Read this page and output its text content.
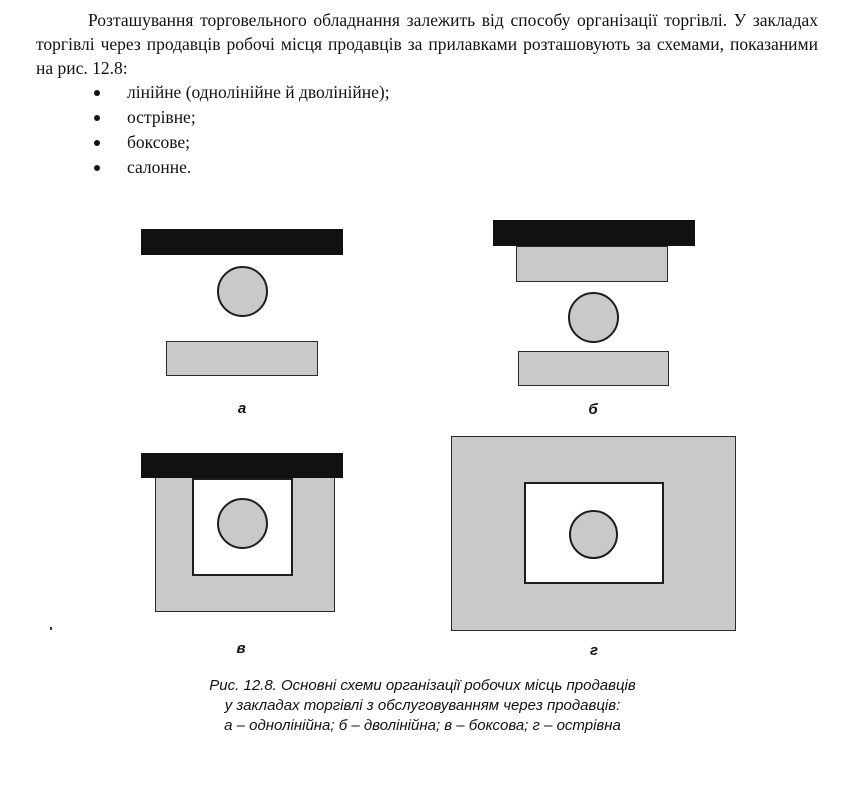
Розташування торговельного обладнання залежить від способу організації торгівлі. У закладах торгівлі через продавців робочі місця продавців за прилавками розташовують за схемами, показаними на рис. 12.8:

лінійне (однолінійне й дволінійне);
острівне;
боксове;
салонне.
а	б
в	г
Рис. 12.8. Основні схеми організації робочих місць продавців
у закладах торгівлі з обслуговуванням через продавців:
а – однолінійна; б – дволінійна; в – боксова; г – острівна
